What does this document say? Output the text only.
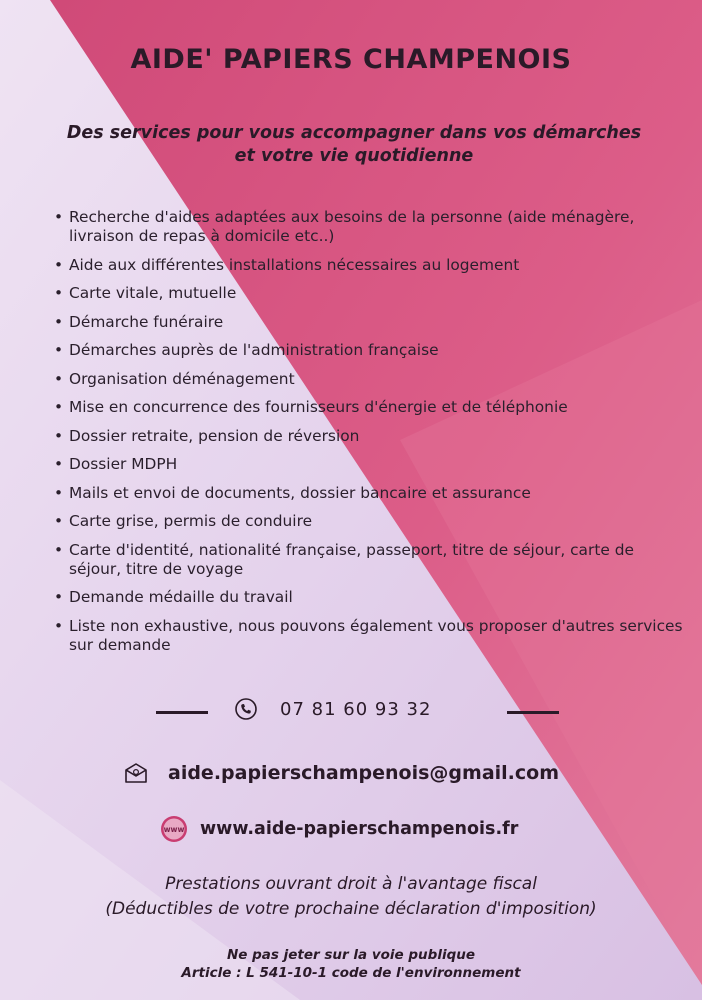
AIDE' PAPIERS CHAMPENOIS
Des services pour vous accompagner dans vos démarches
et votre vie quotidienne
• Recherche d'aides adaptées aux besoins de la personne (aide ménagère, livraison de repas à domicile etc..)
• Aide aux différentes installations nécessaires au logement
• Carte vitale, mutuelle
• Démarche funéraire
• Démarches auprès de l'administration française
• Organisation déménagement
• Mise en concurrence des fournisseurs d'énergie et de téléphonie
• Dossier retraite, pension de réversion
• Dossier MDPH
• Mails et envoi de documents, dossier bancaire et assurance
• Carte grise, permis de conduire
• Carte d'identité, nationalité française, passeport, titre de séjour, carte de séjour, titre de voyage
• Demande médaille du travail
• Liste non exhaustive, nous pouvons également vous proposer d'autres services sur demande
07 81 60 93 32
aide.papierschampenois@gmail.com
www www.aide-papierschampenois.fr
Prestations ouvrant droit à l'avantage fiscal
(Déductibles de votre prochaine déclaration d'imposition)
Ne pas jeter sur la voie publique
Article : L 541-10-1 code de l'environnement
